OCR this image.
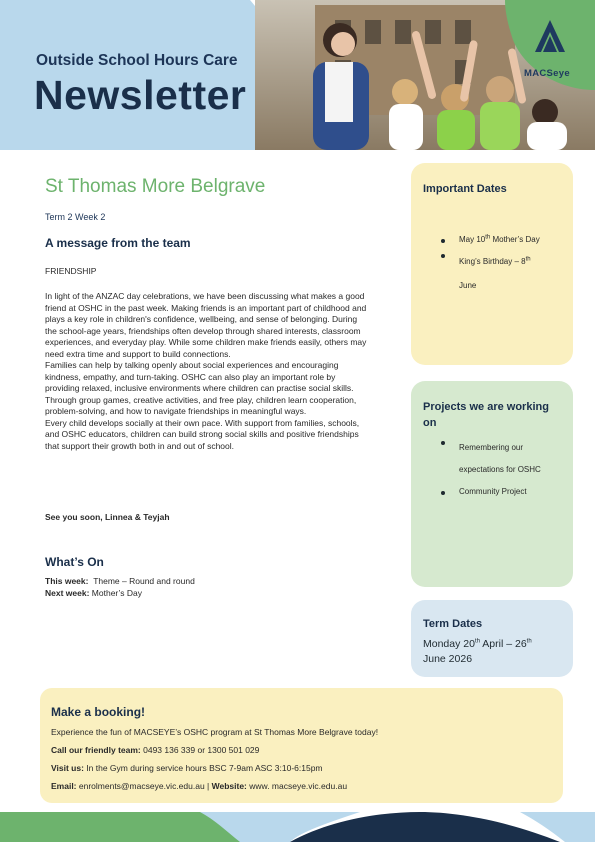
MACSeye
Outside School Hours Care
Newsletter
St Thomas More Belgrave
Term 2 Week 2
A message from the team
FRIENDSHIP

In light of the ANZAC day celebrations, we have been discussing what makes a good friend at OSHC in the past week. Making friends is an important part of childhood and plays a key role in children's confidence, wellbeing, and sense of belonging. During the school-age years, friendships often develop through shared interests, classroom experiences, and everyday play. While some children make friends easily, others may need extra time and support to build connections.

Families can help by talking openly about social experiences and encouraging kindness, empathy, and turn-taking. OSHC can also play an important role by providing relaxed, inclusive environments where children can practise social skills. Through group games, creative activities, and free play, children learn cooperation, problem-solving, and how to navigate friendships in meaningful ways.

Every child develops socially at their own pace. With support from families, schools, and OSHC educators, children can build strong social skills and positive friendships that support their growth both in and out of school.

See you soon, Linnea & Teyjah
What’s On
This week: Theme – Round and round
Next week: Mother’s Day
Important Dates
May 10th Mother’s Day
King’s Birthday – 8th
June
Projects we are working
on
Remembering our
expectations for OSHC
Community Project
Term Dates
Monday 20th April – 26th
June 2026
Make a booking!
Experience the fun of MACSEYE’s OSHC program at St Thomas More Belgrave today!
Call our friendly team: 0493 136 339 or 1300 501 029
Visit us: In the Gym during service hours BSC 7-9am ASC 3:10-6:15pm
Email: enrolments@macseye.vic.edu.au | Website: www. macseye.vic.edu.au
